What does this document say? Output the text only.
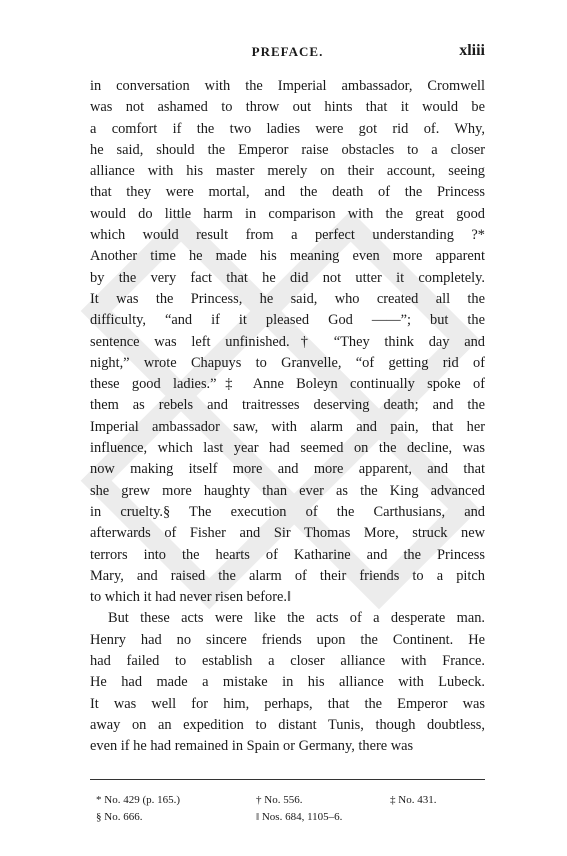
PREFACE.	xliii
in conversation with the Imperial ambassador, Cromwell
was not ashamed to throw out hints that it would be
a comfort if the two ladies were got rid of. Why,
he said, should the Emperor raise obstacles to a closer
alliance with his master merely on their account, seeing
that they were mortal, and the death of the Princess
would do little harm in comparison with the great good
which would result from a perfect understanding ?*
Another time he made his meaning even more apparent
by the very fact that he did not utter it completely.
It was the Princess, he said, who created all the
difficulty, “and if it pleased God ——”; but the
sentence was left unfinished.† “They think day and
night,” wrote Chapuys to Granvelle, “of getting rid of
these good ladies.”‡ Anne Boleyn continually spoke of
them as rebels and traitresses deserving death; and the
Imperial ambassador saw, with alarm and pain, that her
influence, which last year had seemed on the decline, was
now making itself more and more apparent, and that
she grew more haughty than ever as the King advanced
in cruelty.§ The execution of the Carthusians, and
afterwards of Fisher and Sir Thomas More, struck new
terrors into the hearts of Katharine and the Princess
Mary, and raised the alarm of their friends to a pitch
to which it had never risen before.‖
But these acts were like the acts of a desperate man.
Henry had no sincere friends upon the Continent. He
had failed to establish a closer alliance with France.
He had made a mistake in his alliance with Lubeck.
It was well for him, perhaps, that the Emperor was
away on an expedition to distant Tunis, though doubtless,
even if he had remained in Spain or Germany, there was
* No. 429 (p. 165.)	† No. 556.	‡ No. 431.
§ No. 666.	‖ Nos. 684, 1105–6.
